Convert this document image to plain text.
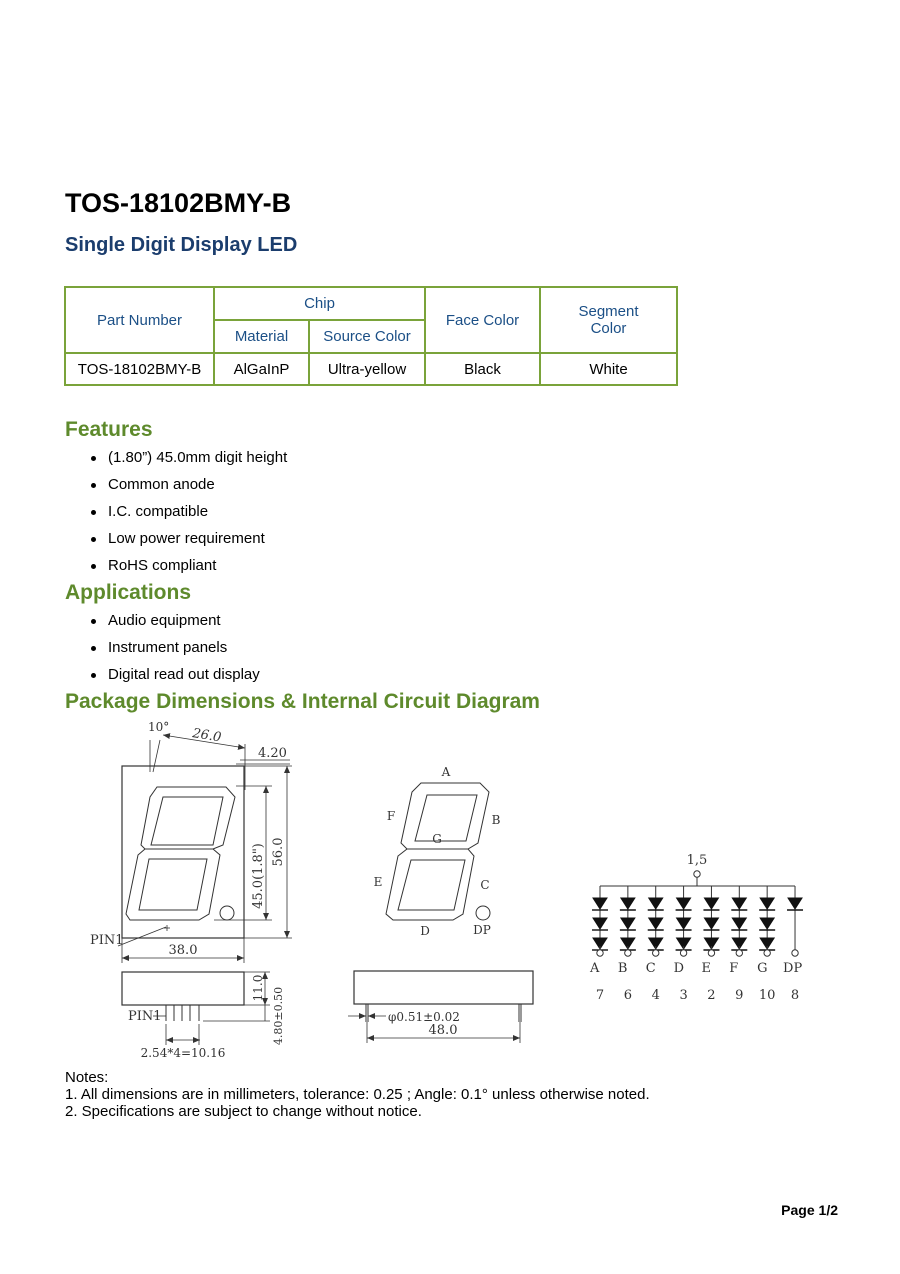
TOS-18102BMY-B
Single Digit Display LED
Part Number	Chip		Face Color	Segment Color
	Material	Source Color		
TOS-18102BMY-B	AlGaInP	Ultra-yellow	Black	White
Features
(1.80”) 45.0mm digit height
Common anode
I.C. compatible
Low power requirement
RoHS compliant
Applications
Audio equipment
Instrument panels
Digital read out display
Package Dimensions & Internal Circuit Diagram
10° 26.0
4.20
45.0(1.8") 56.0
38.0
PIN1
PIN1
11.0 4.80±0.50
2.54*4=10.16
φ0.51±0.02
48.0
A
B
C
D
E
F
G
DP
1,5
A
7
B
6
C
4
D
3
E
2
F
9
G
10
DP
8
Notes:
1. All dimensions are in millimeters, tolerance: 0.25 ; Angle: 0.1° unless otherwise noted.
2. Specifications are subject to change without notice.
Page 1/2
